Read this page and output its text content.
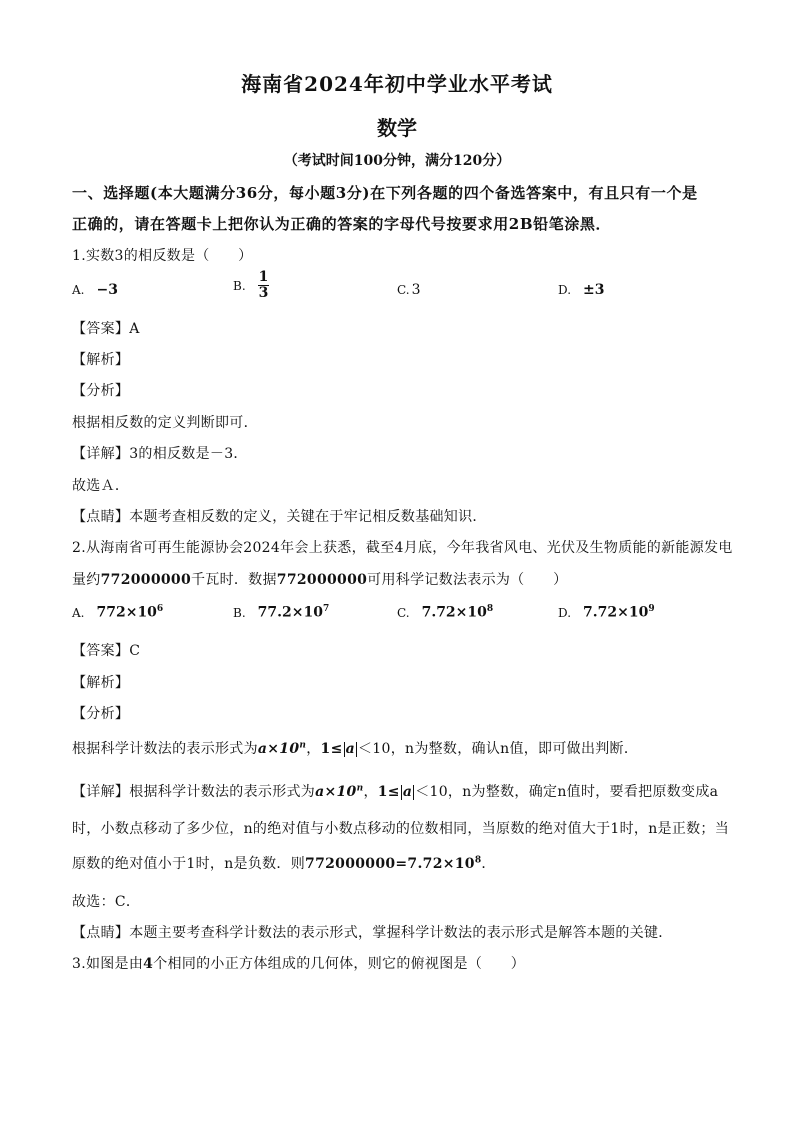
海南省2024年初中学业水平考试
数学
（考试时间100分钟，满分120分）
一、选择题(本大题满分36分，每小题3分)在下列各题的四个备选答案中，有且只有一个是
正确的，请在答题卡上把你认为正确的答案的字母代号按要求用2B铅笔涂黑．
1.实数3的相反数是（　　）
A. −3	B. $\frac{1}{3}$	C. 3	D. ±3
【答案】A
【解析】
【分析】
根据相反数的定义判断即可．
【详解】3的相反数是－3．
故选Ａ．
【点睛】本题考查相反数的定义，关键在于牢记相反数基础知识．
2.从海南省可再生能源协会2024年会上获悉，截至4月底，今年我省风电、光伏及生物质能的新能源发电
量约772000000千瓦时．数据772000000可用科学记数法表示为（　　）
A. $772\times 10^6$	B. $77.2\times 10^7$	C. $7.72\times 10^8$	D. $7.72\times 10^9$
【答案】C
【解析】
【分析】
根据科学计数法的表示形式为$a\times 10^n$，1≤ a ＜10，n为整数，确认n值，即可做出判断．
【详解】根据科学计数法的表示形式为$a\times 10^n$，1≤ a ＜10，n为整数，确定n值时，要看把原数变成a
时，小数点移动了多少位，n的绝对值与小数点移动的位数相同，当原数的绝对值大于1时，n是正数；当
原数的绝对值小于1时，n是负数．则$772000000=7.72\times 10^8$．
故选：C．
【点睛】本题主要考查科学计数法的表示形式，掌握科学计数法的表示形式是解答本题的关键．
3.如图是由4个相同的小正方体组成的几何体，则它的俯视图是（　　）
